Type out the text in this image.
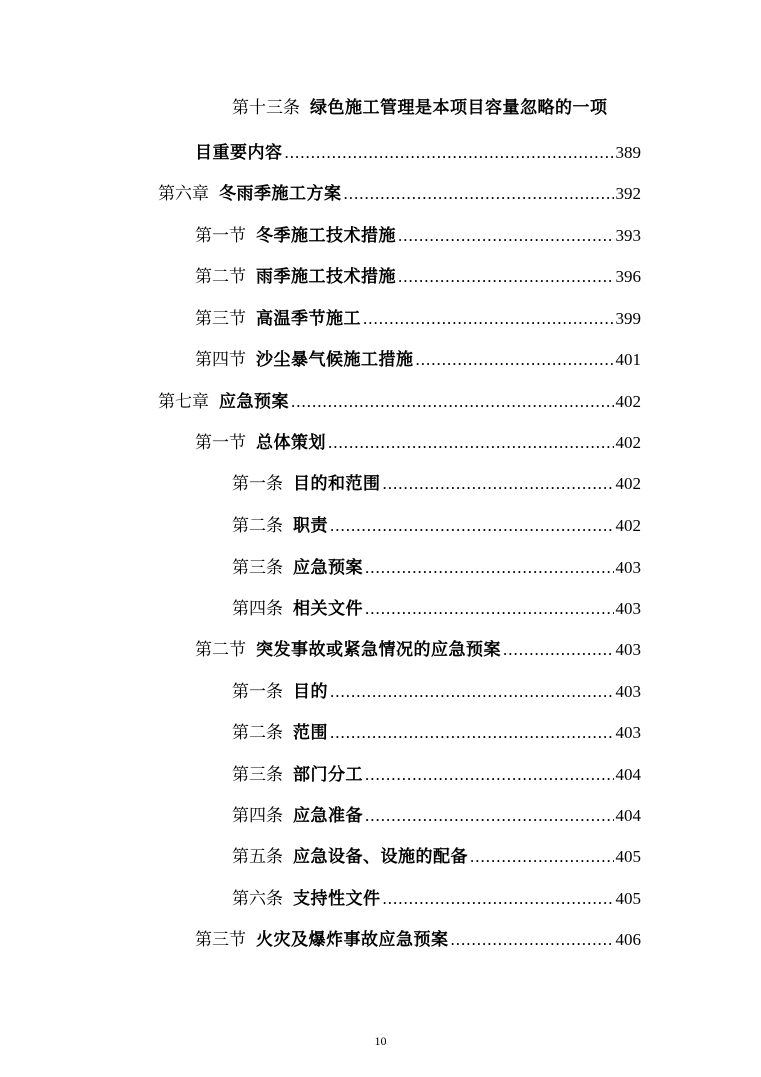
第十三条 绿色施工管理是本项目容量忽略的一项
目重要内容 .....	389
第六章 冬雨季施工方案 .....	392
第一节 冬季施工技术措施 .....	393
第二节 雨季施工技术措施 .....	396
第三节 高温季节施工 .....	399
第四节 沙尘暴气候施工措施 .....	401
第七章 应急预案 .....	402
第一节 总体策划 .....	402
第一条 目的和范围 .....	402
第二条 职责 .....	402
第三条 应急预案 .....	403
第四条 相关文件 .....	403
第二节 突发事故或紧急情况的应急预案 .....	403
第一条 目的 .....	403
第二条 范围 .....	403
第三条 部门分工 .....	404
第四条 应急准备 .....	404
第五条 应急设备、设施的配备 .....	405
第六条 支持性文件 .....	405
第三节 火灾及爆炸事故应急预案 .....	406
10
